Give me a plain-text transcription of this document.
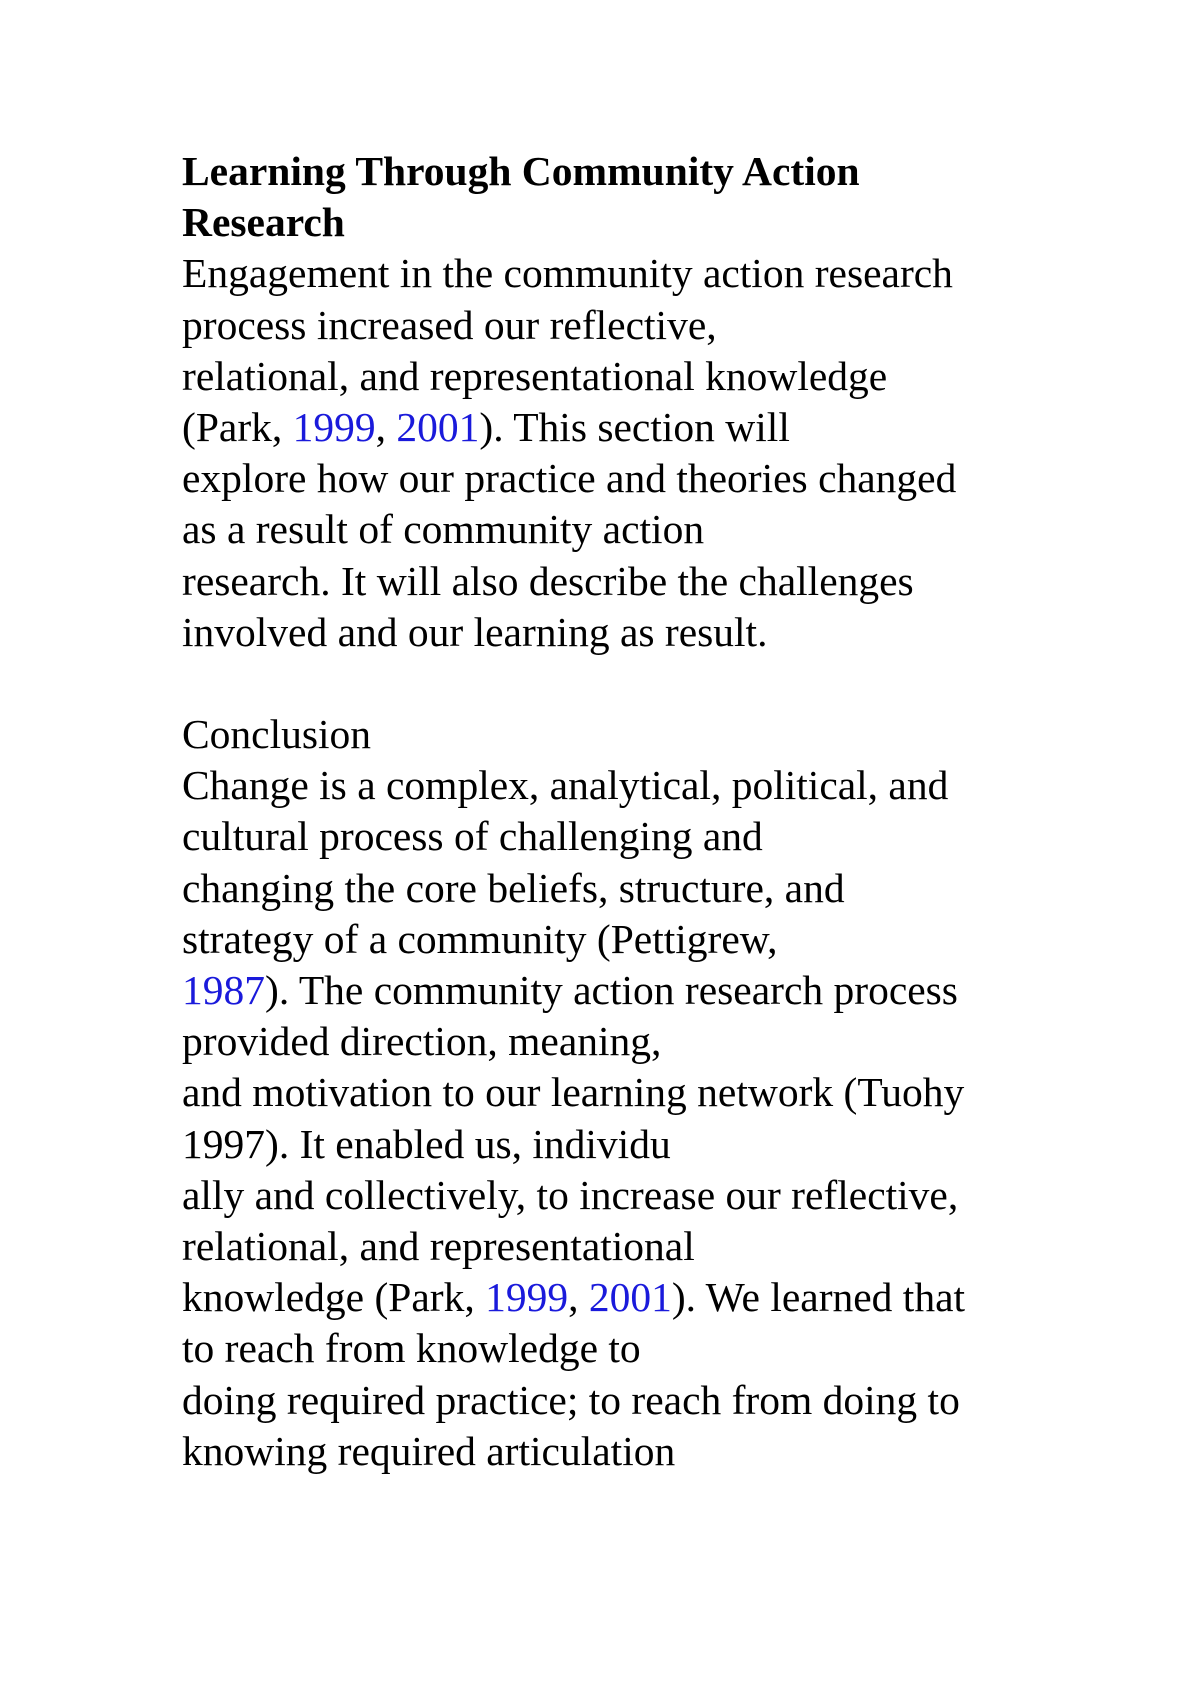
Learning Through Community Action
Research
Engagement in the community action research
process increased our reflective,
relational, and representational knowledge
(Park, 1999, 2001). This section will
explore how our practice and theories changed
as a result of community action
research. It will also describe the challenges
involved and our learning as result.
Conclusion
Change is a complex, analytical, political, and
cultural process of challenging and
changing the core beliefs, structure, and
strategy of a community (Pettigrew,
1987). The community action research process
provided direction, meaning,
and motivation to our learning network (Tuohy
1997). It enabled us, individu
ally and collectively, to increase our reflective,
relational, and representational
knowledge (Park, 1999, 2001). We learned that
to reach from knowledge to
doing required practice; to reach from doing to
knowing required articulation
